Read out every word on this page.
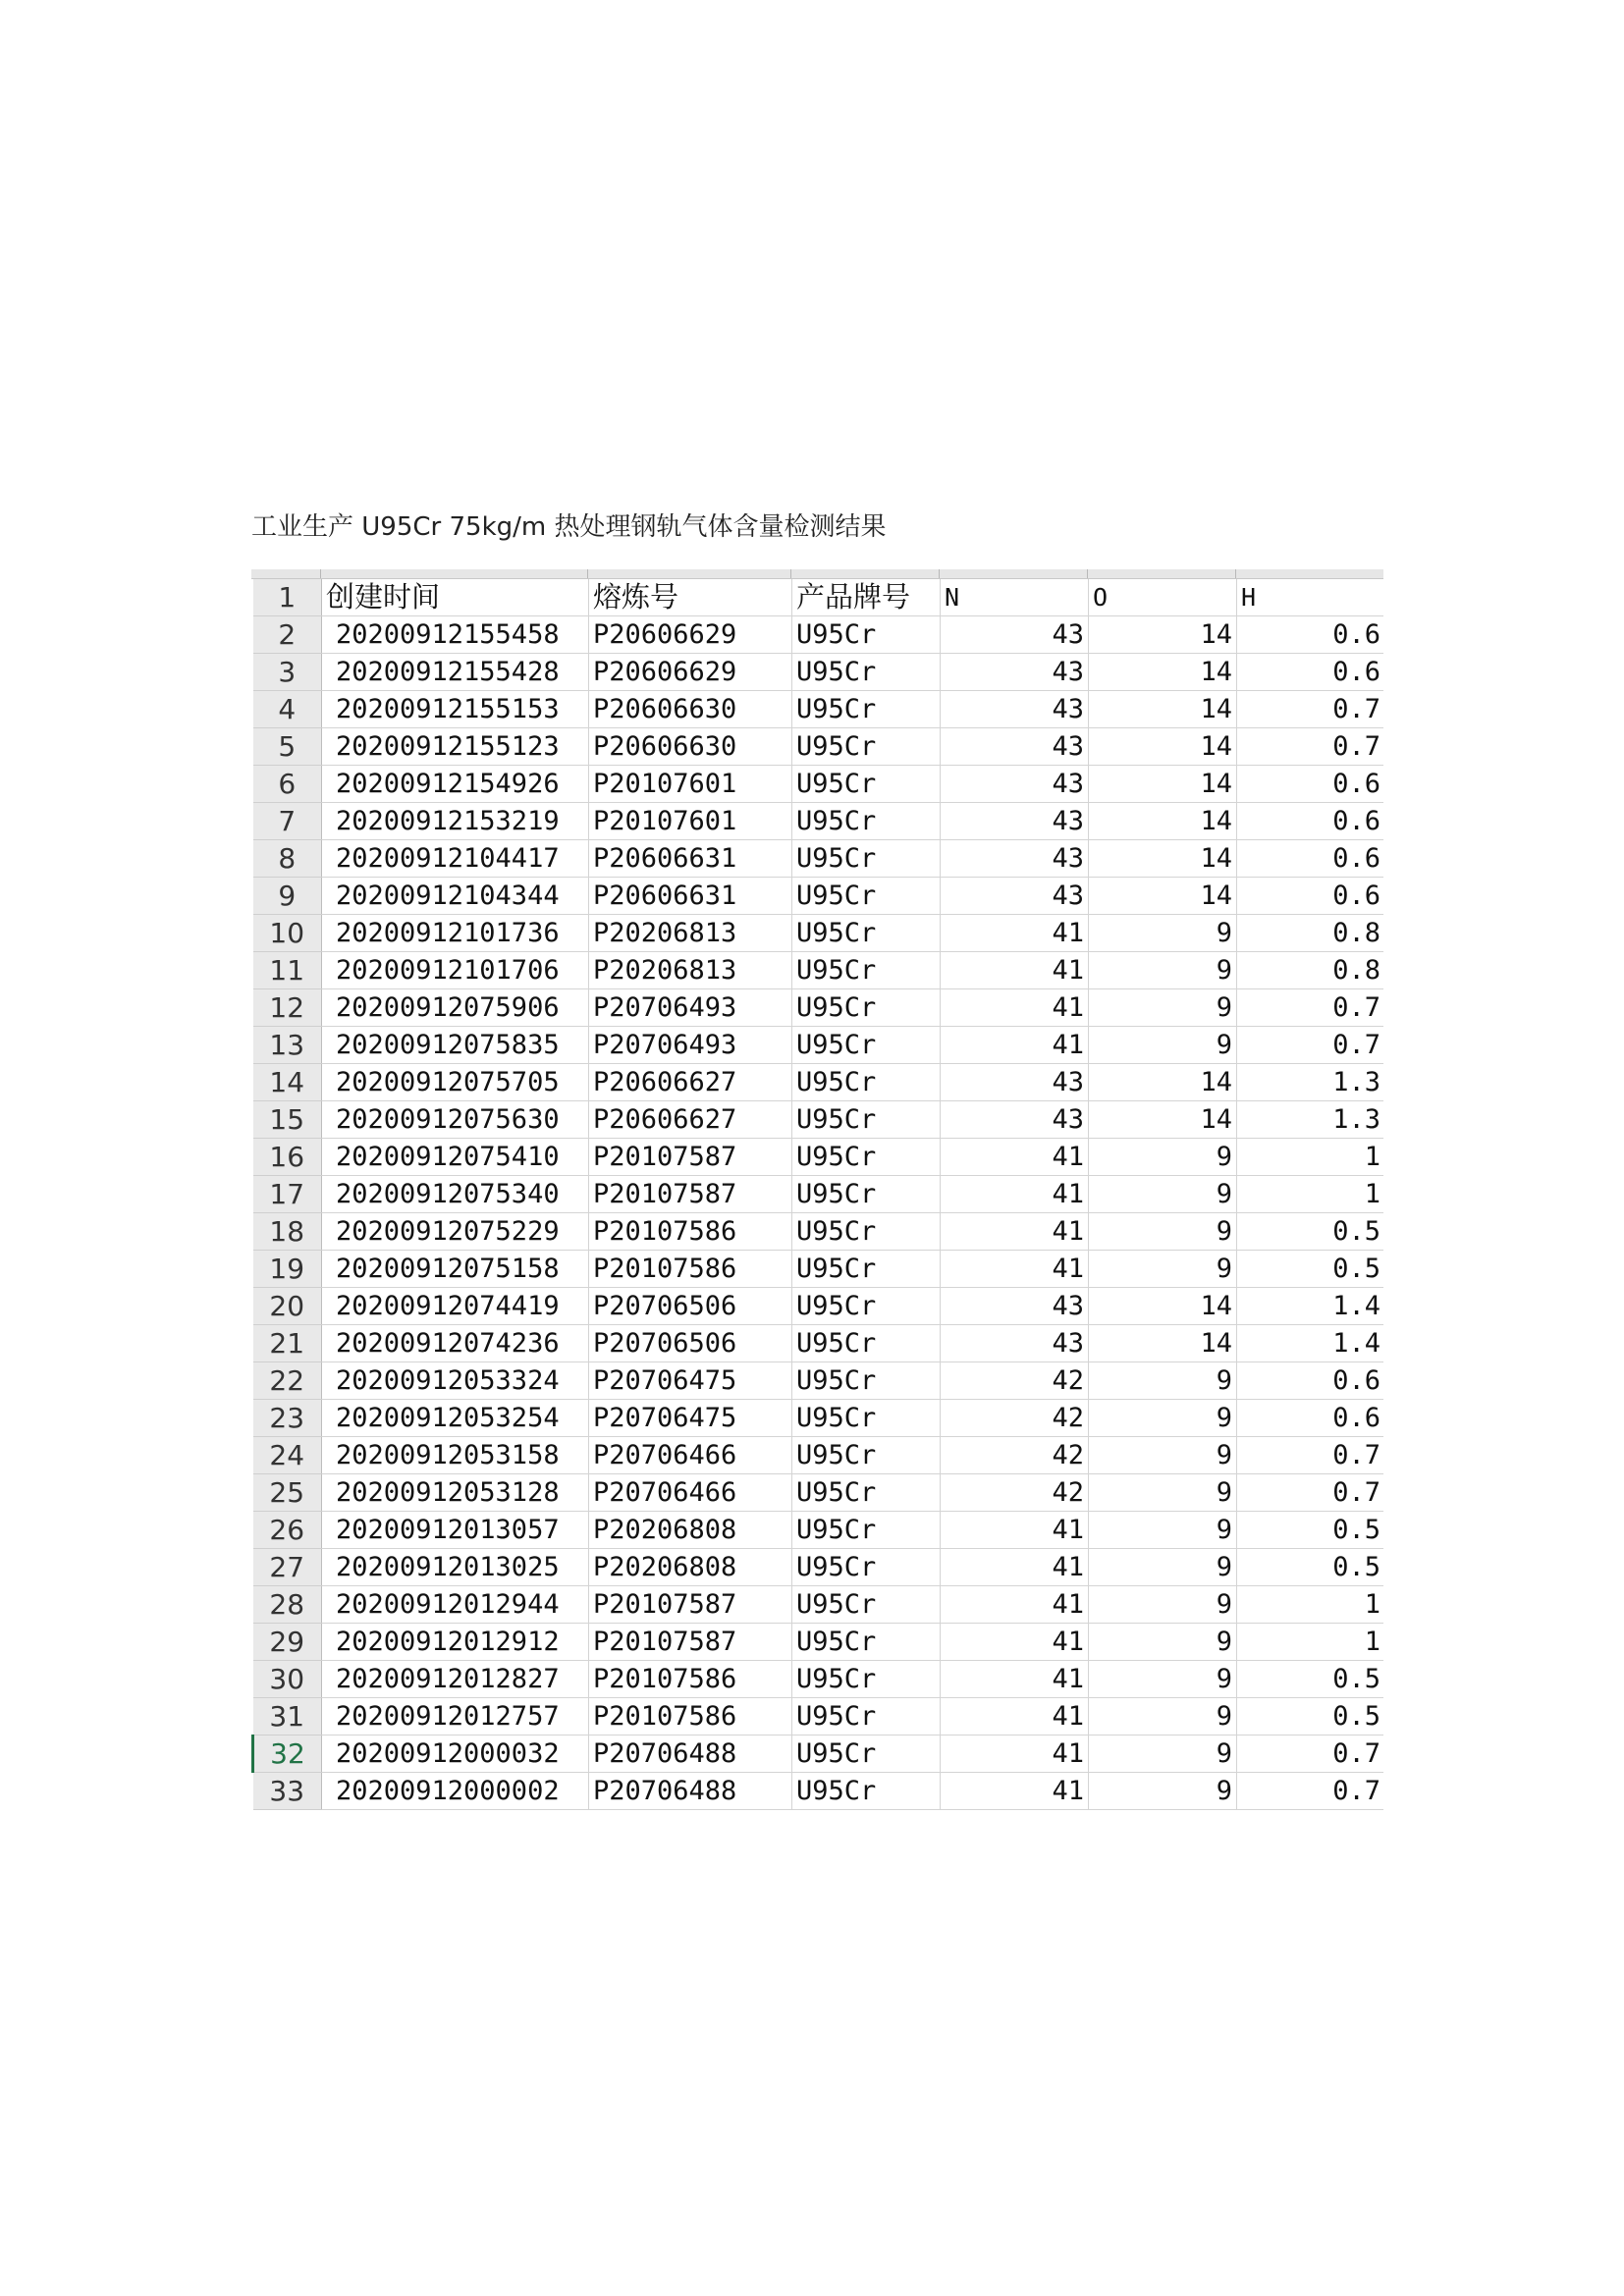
工业生产 U95Cr 75kg/m 热处理钢轨气体含量检测结果
1	创建时间	熔炼号	产品牌号	N	O	H
2	20200912155458	P20606629	U95Cr	43	14	0.6
3	20200912155428	P20606629	U95Cr	43	14	0.6
4	20200912155153	P20606630	U95Cr	43	14	0.7
5	20200912155123	P20606630	U95Cr	43	14	0.7
6	20200912154926	P20107601	U95Cr	43	14	0.6
7	20200912153219	P20107601	U95Cr	43	14	0.6
8	20200912104417	P20606631	U95Cr	43	14	0.6
9	20200912104344	P20606631	U95Cr	43	14	0.6
10	20200912101736	P20206813	U95Cr	41	9	0.8
11	20200912101706	P20206813	U95Cr	41	9	0.8
12	20200912075906	P20706493	U95Cr	41	9	0.7
13	20200912075835	P20706493	U95Cr	41	9	0.7
14	20200912075705	P20606627	U95Cr	43	14	1.3
15	20200912075630	P20606627	U95Cr	43	14	1.3
16	20200912075410	P20107587	U95Cr	41	9	1
17	20200912075340	P20107587	U95Cr	41	9	1
18	20200912075229	P20107586	U95Cr	41	9	0.5
19	20200912075158	P20107586	U95Cr	41	9	0.5
20	20200912074419	P20706506	U95Cr	43	14	1.4
21	20200912074236	P20706506	U95Cr	43	14	1.4
22	20200912053324	P20706475	U95Cr	42	9	0.6
23	20200912053254	P20706475	U95Cr	42	9	0.6
24	20200912053158	P20706466	U95Cr	42	9	0.7
25	20200912053128	P20706466	U95Cr	42	9	0.7
26	20200912013057	P20206808	U95Cr	41	9	0.5
27	20200912013025	P20206808	U95Cr	41	9	0.5
28	20200912012944	P20107587	U95Cr	41	9	1
29	20200912012912	P20107587	U95Cr	41	9	1
30	20200912012827	P20107586	U95Cr	41	9	0.5
31	20200912012757	P20107586	U95Cr	41	9	0.5
32	20200912000032	P20706488	U95Cr	41	9	0.7
33	20200912000002	P20706488	U95Cr	41	9	0.7
